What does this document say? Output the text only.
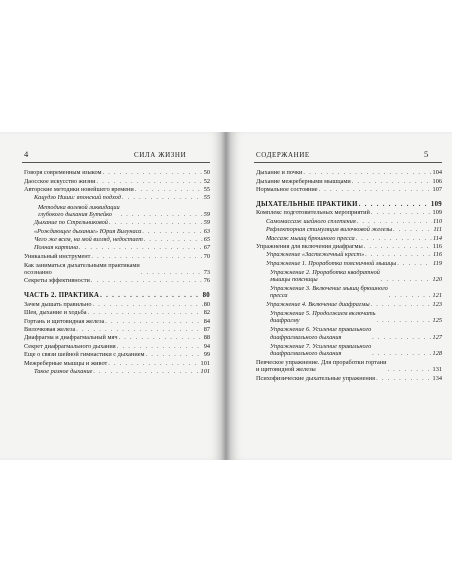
4	СИЛА ЖИЗНИ
Говоря современным языком . . .	50
Даосское искусство жизни . . .	52
Авторские методики новейшего времени . . .	55
Кацудзо Ниши: японский подход . . .	55
Методика волевой ликвидации
глубокого дыхания Бутейко . . .	59
Дыхание по Стрельниковой . . .	59
«Рождающее дыхание» Юрия Вилунаса . . .	63
Чего же всем, на мой взгляд, недостает . . .	65
Полная картина . . .	67
Уникальный инструмент . . .	70
Как заниматься дыхательными практиками
осознанно . . .	73
Секреты эффективности . . .	76
ЧАСТЬ 2. ПРАКТИКА . . .	80
Зачем дышать правильно . . .	80
Шея, дыхание и ходьба . . .	82
Гортань и щитовидная железа . . .	84
Вилочковая железа . . .	87
Диафрагма и диафрагмальный мяч . . .	88
Секрет диафрагмального дыхания . . .	94
Еще о связи шейной гимнастики с дыханием . . .	99
Межреберные мышцы и живот . . .	101
Такое разное дыхание . . .	101
СОДЕРЖАНИЕ	5
Дыхание и почки . . .	104
Дыхание межреберными мышцами . . .	106
Нормальное состояние . . .	107
ДЫХАТЕЛЬНЫЕ ПРАКТИКИ . . .	109
Комплекс подготовительных мероприятий . . .	109
Самомассаж шейного сплетения . . .	110
Рефлекторная стимуляция вилочковой железы . . .	111
Массаж мышц брюшного пресса . . .	114
Упражнения для включения диафрагмы . . .	116
Упражнение «Застежечный крест» . . .	116
Упражнение 1. Проработка поясничной мышцы . . .	119
Упражнение 2. Проработка квадратной
мышцы поясницы . . .	120
Упражнение 3. Включение мышц брюшного
пресса . . .	121
Упражнение 4. Включение диафрагмы . . .	123
Упражнение 5. Продолжаем включать
диафрагму . . .	125
Упражнение 6. Усиление правильного
диафрагмального дыхания . . .	127
Упражнение 7. Усиление правильного
диафрагмального дыхания . . .	128
Певческое упражнение. Для проработки гортани
и щитовидной железы . . .	131
Психофизические дыхательные упражнения . . .	134
